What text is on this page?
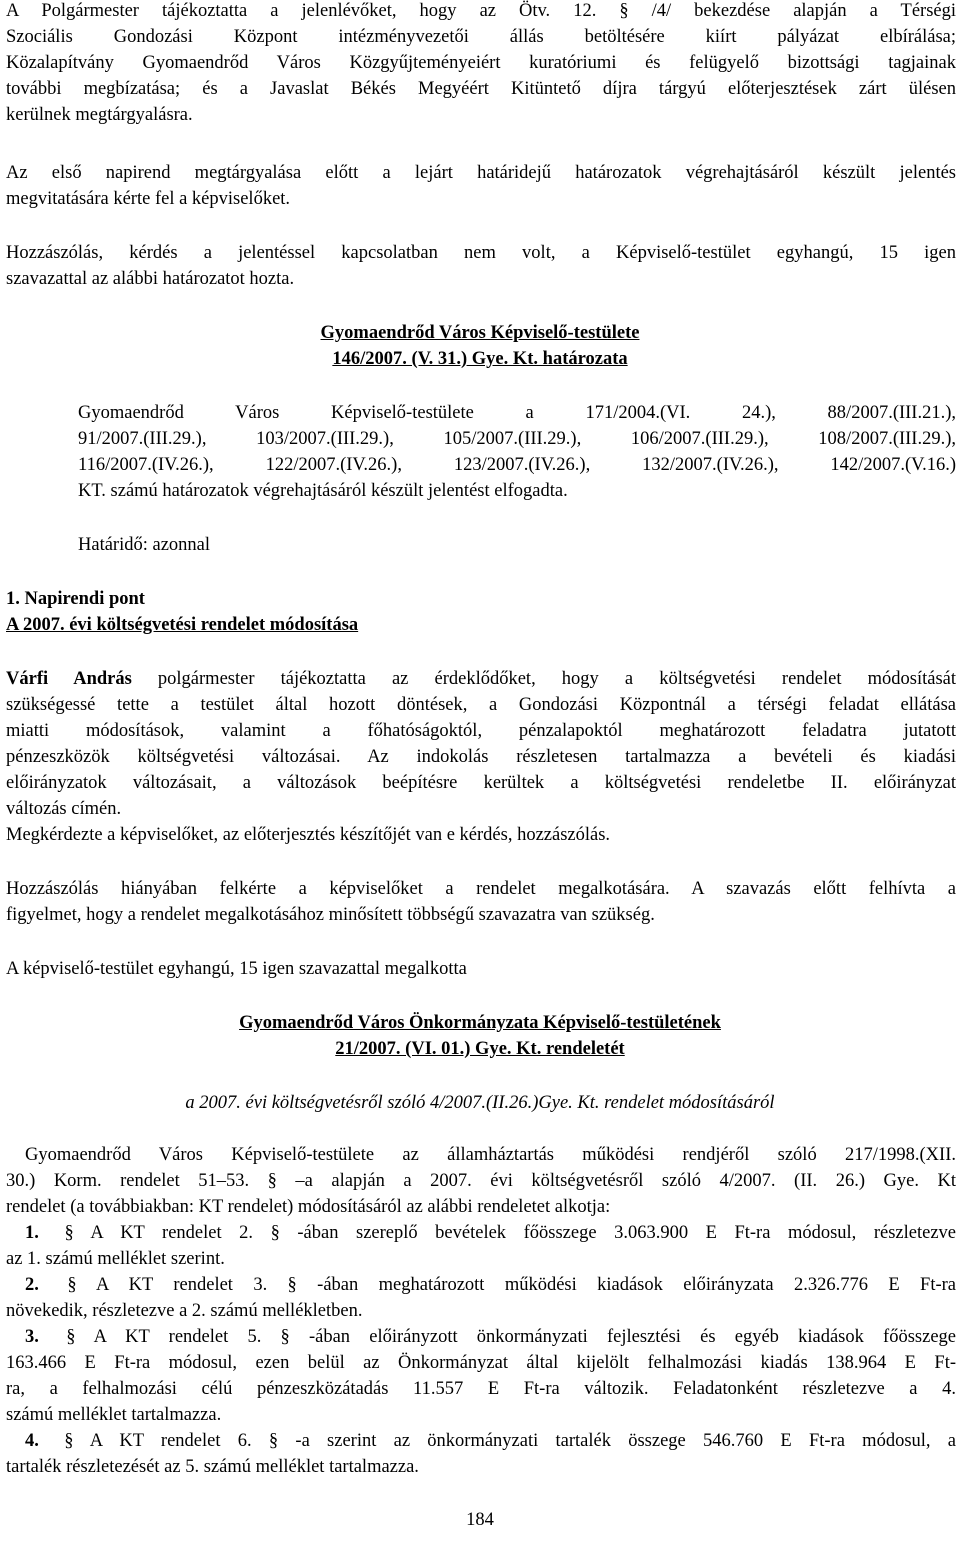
A Polgármester tájékoztatta a jelenlévőket, hogy az Ötv. 12. § /4/ bekezdése alapján a Térségi
Szociális Gondozási Központ intézményvezetői állás betöltésére kiírt pályázat elbírálása;
Közalapítvány Gyomaendrőd Város Közgyűjteményeiért kuratóriumi és felügyelő bizottsági tagjainak
további megbízatása; és a Javaslat Békés Megyéért Kitüntető díjra tárgyú előterjesztések zárt ülésen
kerülnek megtárgyalásra.
Az első napirend megtárgyalása előtt a lejárt határidejű határozatok végrehajtásáról készült jelentés
megvitatására kérte fel a képviselőket.
Hozzászólás, kérdés a jelentéssel kapcsolatban nem volt, a Képviselő-testület egyhangú, 15 igen
szavazattal az alábbi határozatot hozta.
Gyomaendrőd Város Képviselő-testülete
146/2007. (V. 31.) Gye. Kt. határozata
Gyomaendrőd Város Képviselő-testülete a 171/2004.(VI. 24.), 88/2007.(III.21.),
91/2007.(III.29.), 103/2007.(III.29.), 105/2007.(III.29.), 106/2007.(III.29.), 108/2007.(III.29.),
116/2007.(IV.26.), 122/2007.(IV.26.), 123/2007.(IV.26.), 132/2007.(IV.26.), 142/2007.(V.16.)
KT. számú határozatok végrehajtásáról készült jelentést elfogadta.
Határidő: azonnal
1. Napirendi pont
A 2007. évi költségvetési rendelet módosítása
Várfi András polgármester tájékoztatta az érdeklődőket, hogy a költségvetési rendelet módosítását
szükségessé tette a testület által hozott döntések, a Gondozási Központnál a térségi feladat ellátása
miatti módosítások, valamint a főhatóságoktól, pénzalapoktól meghatározott feladatra jutatott
pénzeszközök költségvetési változásai. Az indokolás részletesen tartalmazza a bevételi és kiadási
előirányzatok változásait, a változások beépítésre kerültek a költségvetési rendeletbe II. előirányzat
változás címén.
Megkérdezte a képviselőket, az előterjesztés készítőjét van e kérdés, hozzászólás.
Hozzászólás hiányában felkérte a képviselőket a rendelet megalkotására. A szavazás előtt felhívta a
figyelmet, hogy a rendelet megalkotásához minősített többségű szavazatra van szükség.
A képviselő-testület egyhangú, 15 igen szavazattal megalkotta
Gyomaendrőd Város Önkormányzata Képviselő-testületének
21/2007. (VI. 01.) Gye. Kt. rendeletét
a 2007. évi költségvetésről szóló 4/2007.(II.26.)Gye. Kt. rendelet módosításáról
Gyomaendrőd Város Képviselő-testülete az államháztartás működési rendjéről szóló 217/1998.(XII.
30.) Korm. rendelet 51–53. § –a alapján a 2007. évi költségvetésről szóló 4/2007. (II. 26.) Gye. Kt
rendelet (a továbbiakban: KT rendelet) módosításáról az alábbi rendeletet alkotja:
1. § A KT rendelet 2. § -ában szereplő bevételek főösszege 3.063.900 E Ft-ra módosul, részletezve
az 1. számú melléklet szerint.
2. § A KT rendelet 3. § -ában meghatározott működési kiadások előirányzata 2.326.776 E Ft-ra
növekedik, részletezve a 2. számú mellékletben.
3. § A KT rendelet 5. § -ában előirányzott önkormányzati fejlesztési és egyéb kiadások főösszege
163.466 E Ft-ra módosul, ezen belül az Önkormányzat által kijelölt felhalmozási kiadás 138.964 E Ft-
ra, a felhalmozási célú pénzeszközátadás 11.557 E Ft-ra változik. Feladatonként részletezve a 4.
számú melléklet tartalmazza.
4. § A KT rendelet 6. § -a szerint az önkormányzati tartalék összege 546.760 E Ft-ra módosul, a
tartalék részletezését az 5. számú melléklet tartalmazza.
184
